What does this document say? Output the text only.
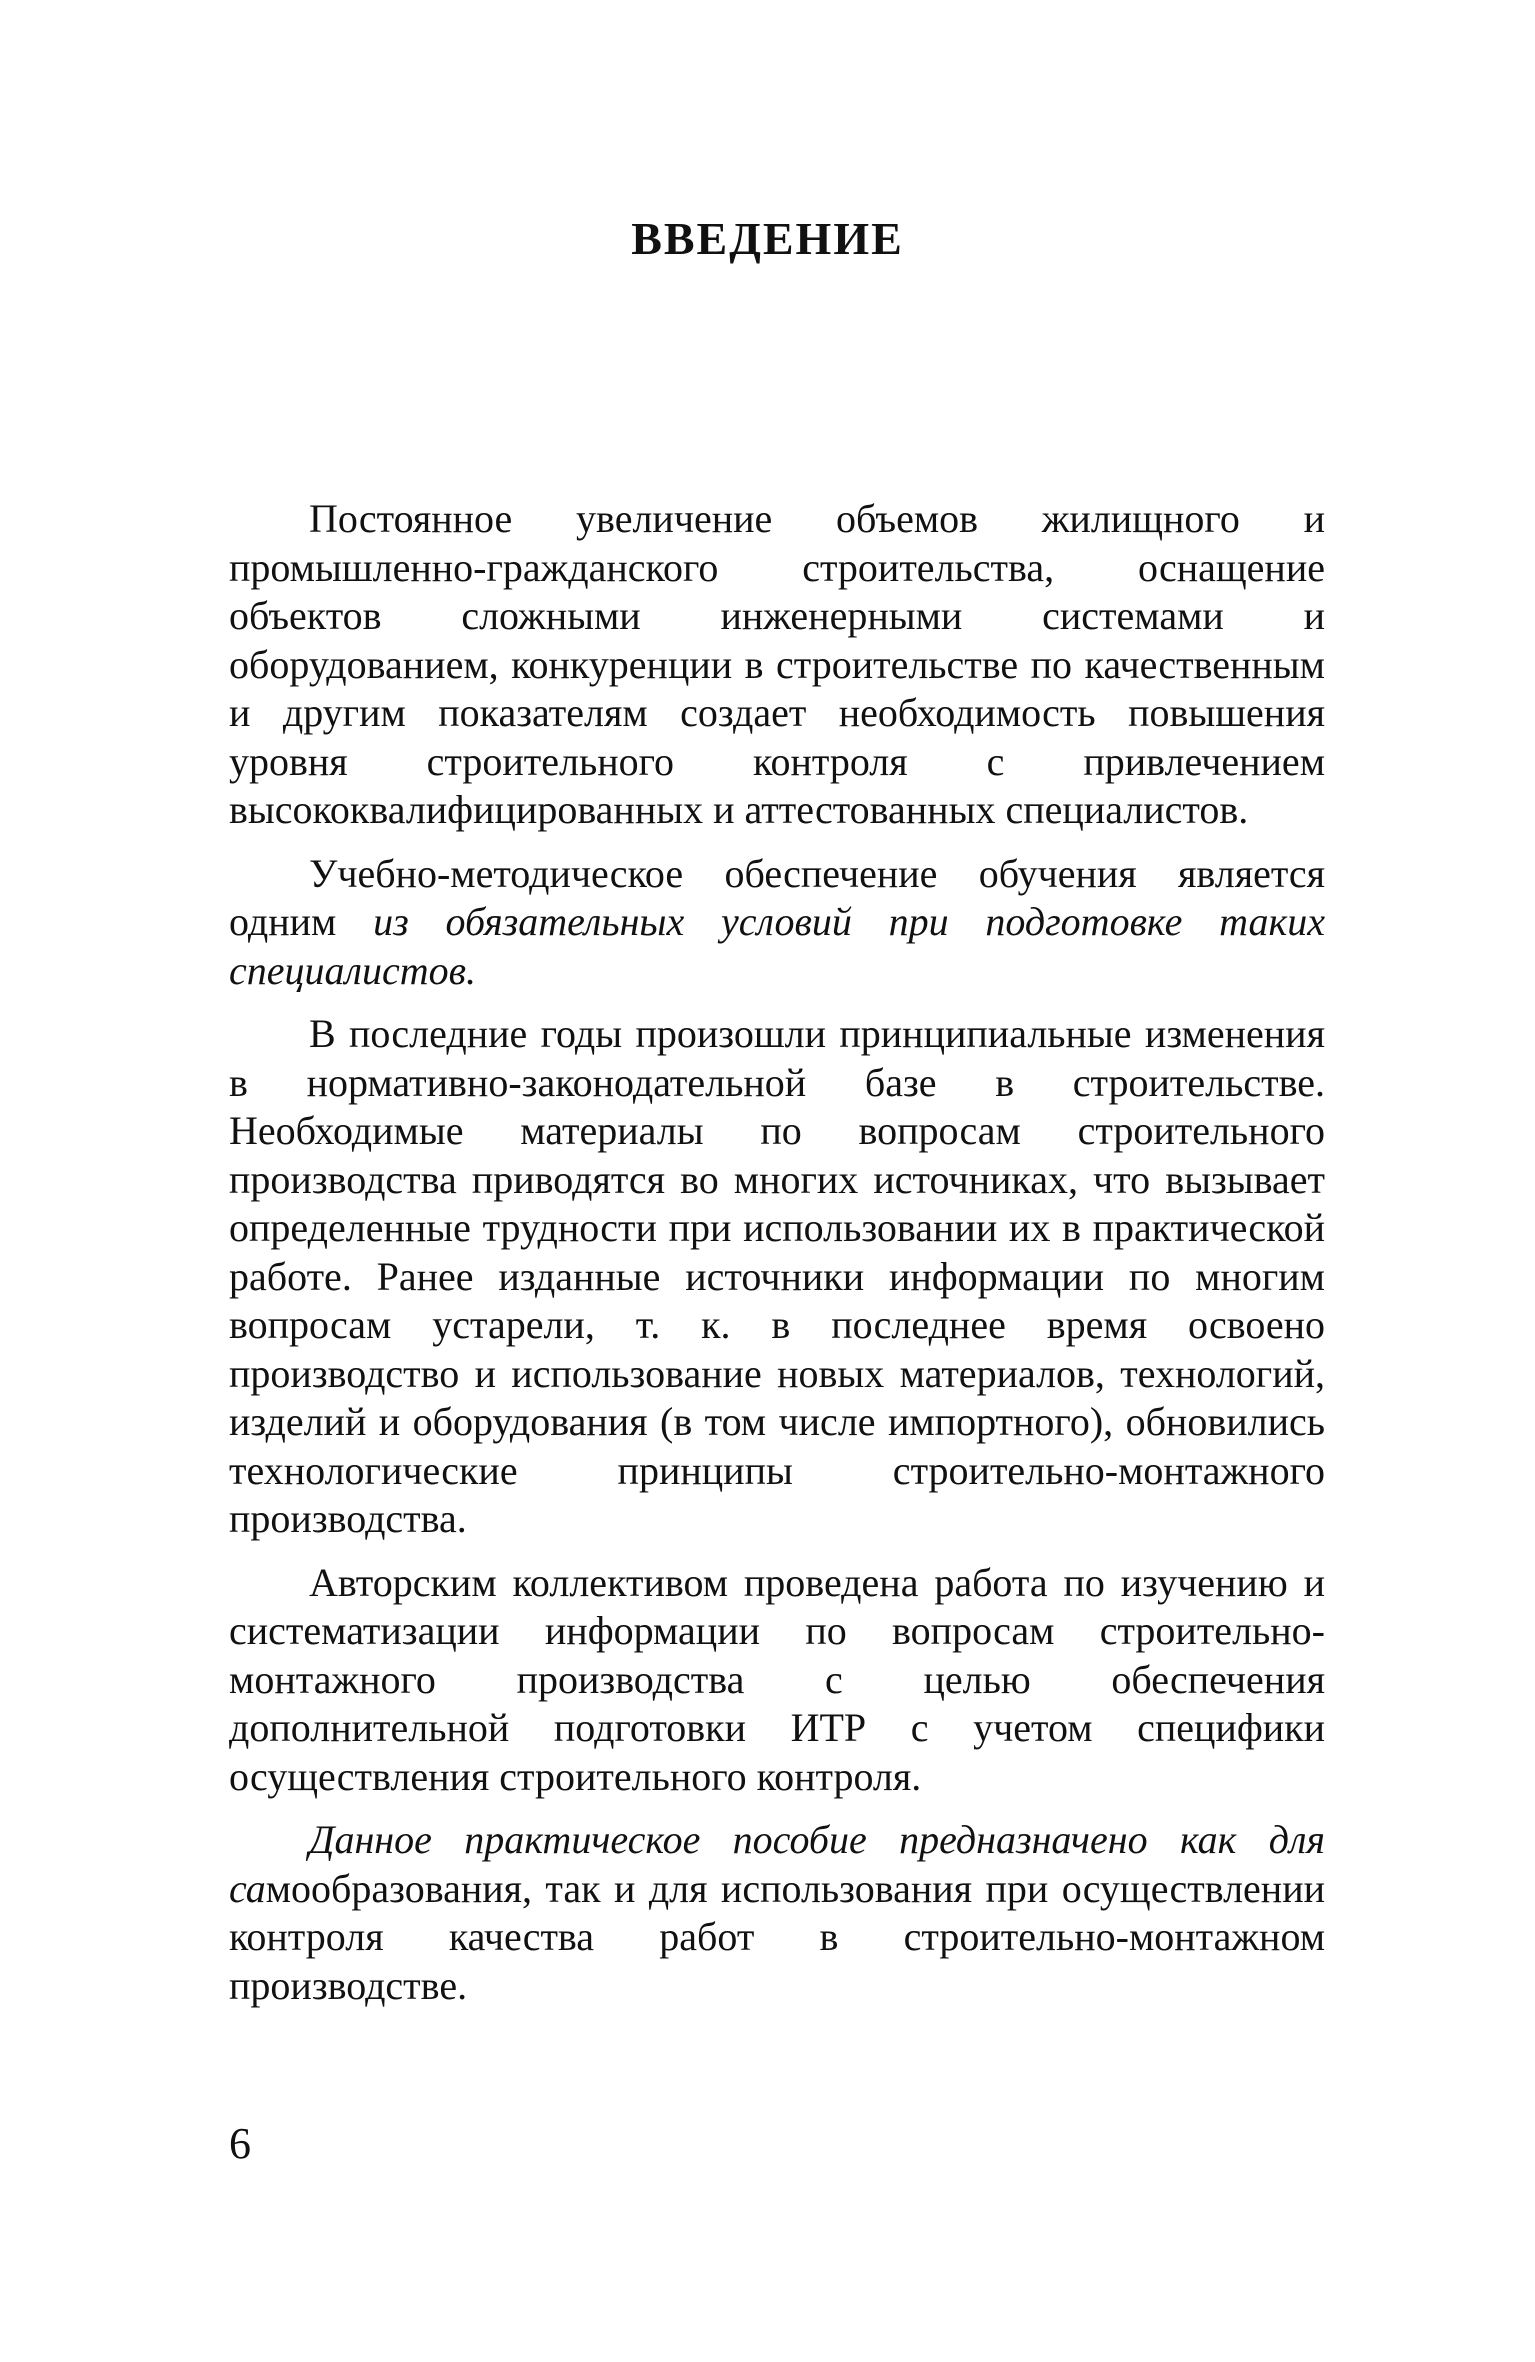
ВВЕДЕНИЕ

Постоянное увеличение объемов жилищного и промышленно-гражданского строительства, оснащение объектов сложными инженерными системами и оборудованием, конкуренции в строительстве по качественным и другим показателям создает необходимость повышения уровня строительного контроля с привлечением высококвалифицированных и аттестованных специалистов.

Учебно-методическое обеспечение обучения является одним из обязательных условий при подготовке таких специалистов.

В последние годы произошли принципиальные изменения в нормативно-законодательной базе в строительстве. Необходимые материалы по вопросам строительного производства приводятся во многих источниках, что вызывает определенные трудности при использовании их в практической работе. Ранее изданные источники информации по многим вопросам устарели, т. к. в последнее время освоено производство и использование новых материалов, технологий, изделий и оборудования (в том числе импортного), обновились технологические принципы строительно-монтажного производства.

Авторским коллективом проведена работа по изучению и систематизации информации по вопросам строительно-монтажного производства с целью обеспечения дополнительной подготовки ИТР с учетом специфики осуществления строительного контроля.

Данное практическое пособие предназначено как для самообразования, так и для использования при осуществлении контроля качества работ в строительно-монтажном производстве.

6
